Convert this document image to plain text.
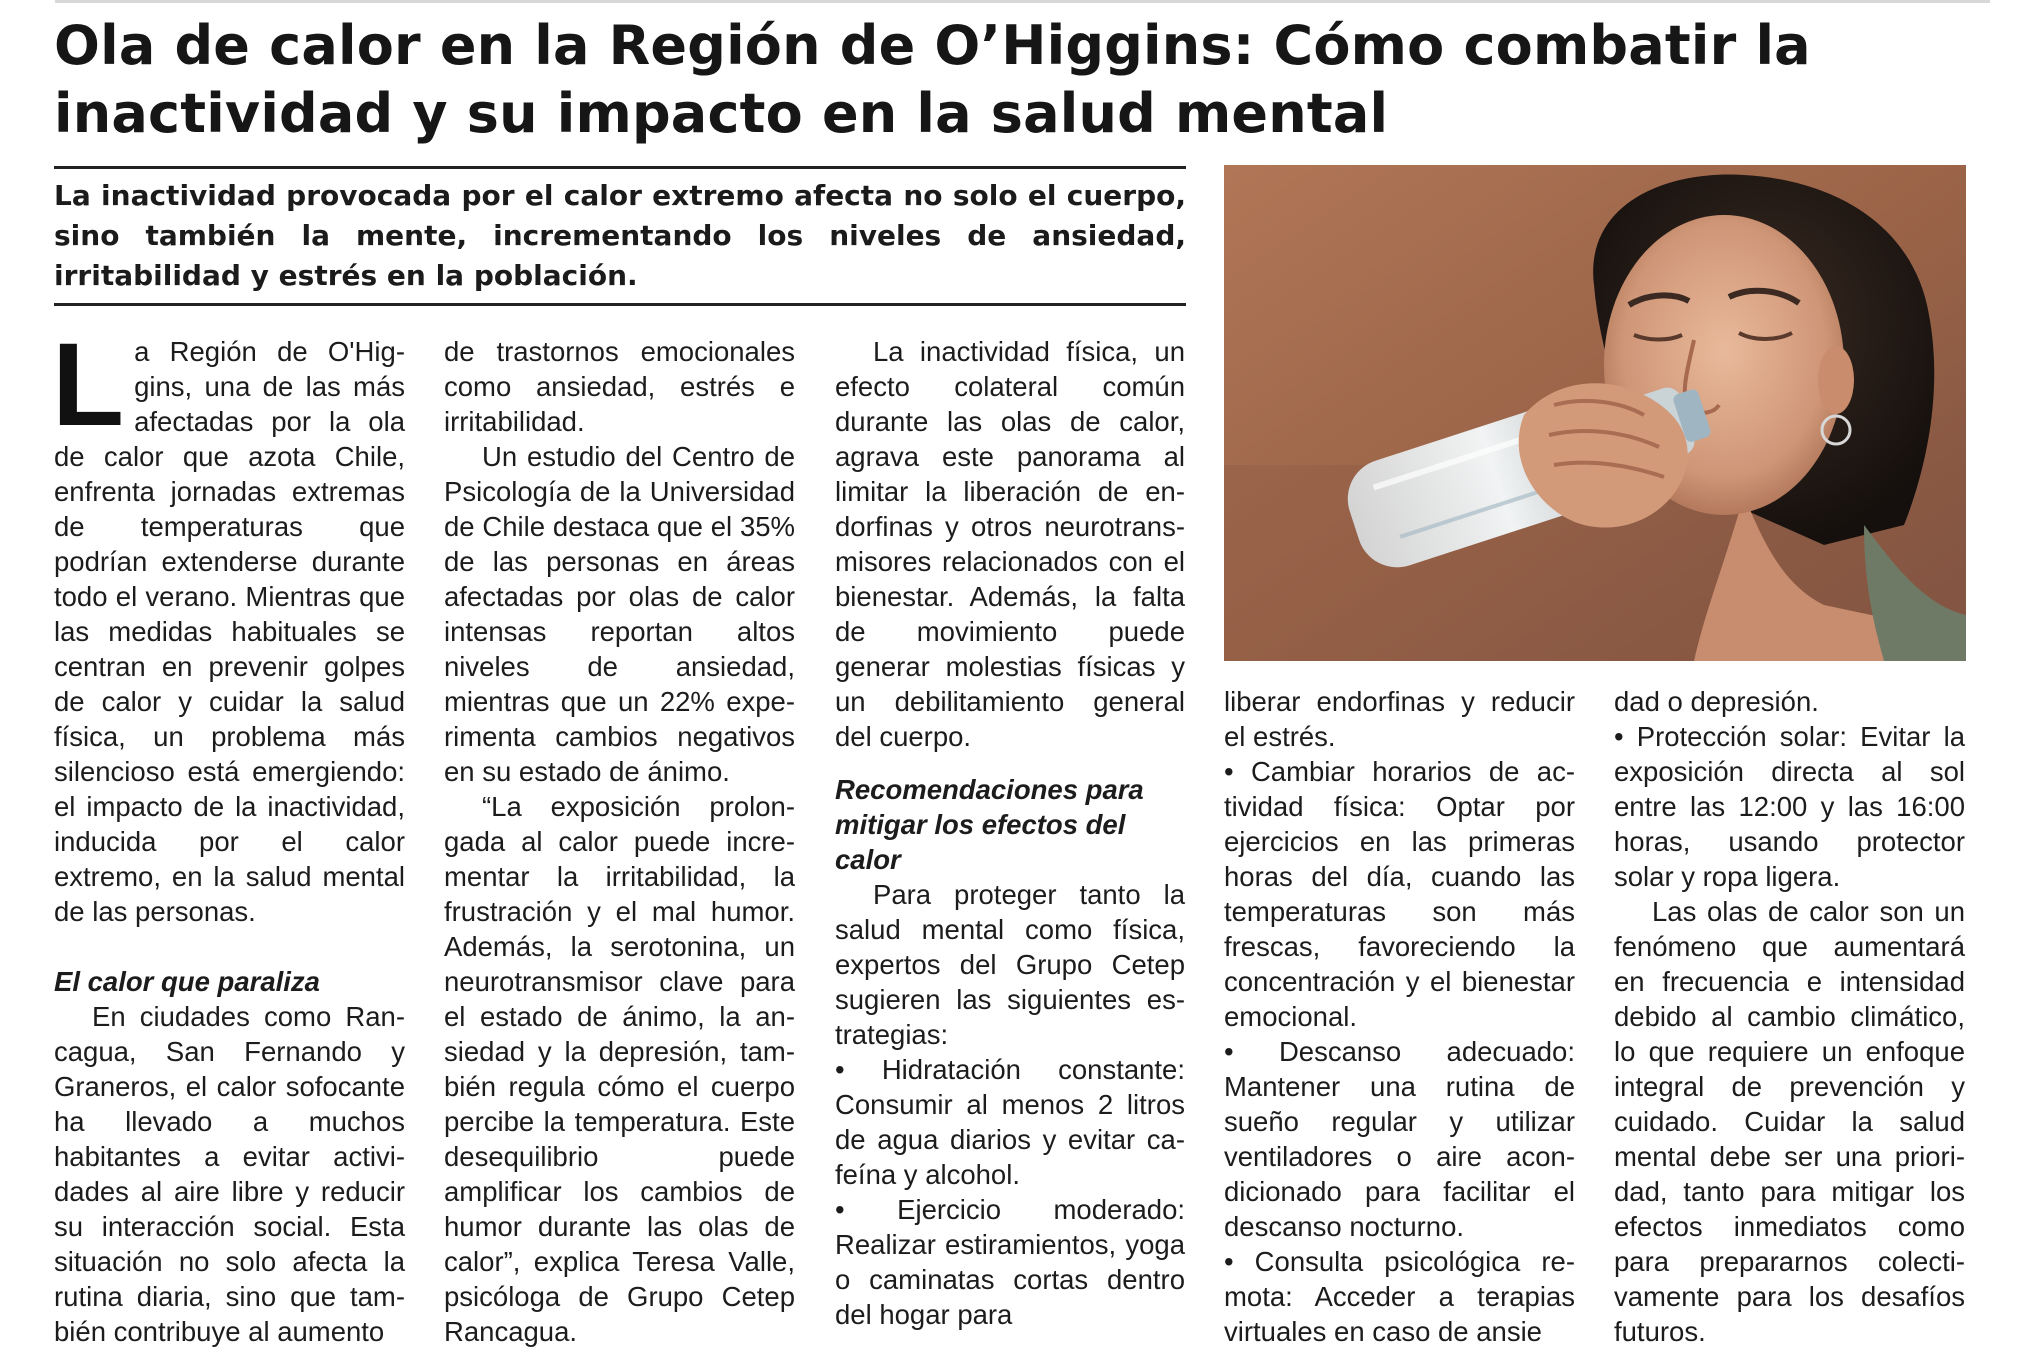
Ola de calor en la Región de O’Higgins: Cómo combatir la inactividad y su impacto en la salud mental

La inactividad provocada por el calor extremo afecta no solo el cuerpo, sino también la mente, incrementando los niveles de ansiedad, irritabilidad y estrés en la población.

La Región de O'Higgins, una de las más afectadas por la ola de calor que azota Chile, enfrenta jornadas extremas de temperaturas que podrían extenderse durante todo el verano. Mientras que las medidas habituales se centran en prevenir golpes de calor y cuidar la salud física, un problema más silencioso está emergiendo: el impacto de la inactividad, inducida por el calor extremo, en la salud mental de las personas.

El calor que paraliza

En ciudades como Rancagua, San Fernando y Graneros, el calor sofocante ha llevado a muchos habitantes a evitar actividades al aire libre y reducir su interacción social. Esta situación no solo afecta la rutina diaria, sino que también contribuye al aumento

de trastornos emocionales como ansiedad, estrés e irritabilidad.

Un estudio del Centro de Psicología de la Universidad de Chile destaca que el 35% de las personas en áreas afectadas por olas de calor intensas reportan altos niveles de ansiedad, mientras que un 22% experimenta cambios negativos en su estado de ánimo.

“La exposición prolongada al calor puede incrementar la irritabilidad, la frustración y el mal humor. Además, la serotonina, un neurotransmisor clave para el estado de ánimo, la ansiedad y la depresión, también regula cómo el cuerpo percibe la temperatura. Este desequilibrio puede amplificar los cambios de humor durante las olas de calor”, explica Teresa Valle, psicóloga de Grupo Cetep Rancagua.

La inactividad física, un efecto colateral común durante las olas de calor, agrava este panorama al limitar la liberación de endorfinas y otros neurotransmisores relacionados con el bienestar. Además, la falta de movimiento puede generar molestias físicas y un debilitamiento general del cuerpo.

Recomendaciones para mitigar los efectos del calor

Para proteger tanto la salud mental como física, expertos del Grupo Cetep sugieren las siguientes estrategias:

• Hidratación constante: Consumir al menos 2 litros de agua diarios y evitar cafeína y alcohol.

• Ejercicio moderado: Realizar estiramientos, yoga o caminatas cortas dentro del hogar para

liberar endorfinas y reducir el estrés.

• Cambiar horarios de actividad física: Optar por ejercicios en las primeras horas del día, cuando las temperaturas son más frescas, favoreciendo la concentración y el bienestar emocional.

• Descanso adecuado: Mantener una rutina de sueño regular y utilizar ventiladores o aire acondicionado para facilitar el descanso nocturno.

• Consulta psicológica remota: Acceder a terapias virtuales en caso de ansie

dad o depresión.

• Protección solar: Evitar la exposición directa al sol entre las 12:00 y las 16:00 horas, usando protector solar y ropa ligera.

Las olas de calor son un fenómeno que aumentará en frecuencia e intensidad debido al cambio climático, lo que requiere un enfoque integral de prevención y cuidado. Cuidar la salud mental debe ser una prioridad, tanto para mitigar los efectos inmediatos como para prepararnos colectivamente para los desafíos futuros.
